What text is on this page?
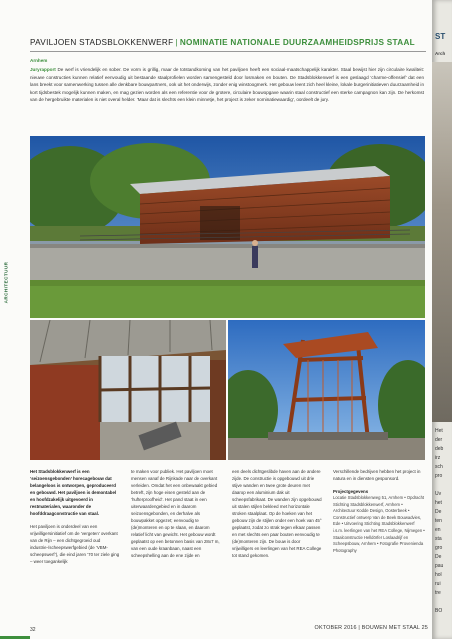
ARCHITECTUUR
PAVILJOEN STADSBLOKKENWERF | NOMINATIE NATIONALE DUURZAAMHEIDSPRIJS STAAL
Arnhem
Juryrapport De werf is vriendelijk en sober. De vorm is grillig, maar de totstandkoming van het paviljoen heeft een sociaal-maatschappelijk karakter. Staal bewijst hier zijn circulaire kwaliteit: nieuwe constructies kunnen relatief eenvoudig uit bestaande staalprofielen worden samengesteld door losmaken en bouten. De Stadsblokkenwerf is een geslaagd ‘charme-offensief’ dat een lans breekt voor samenwerking tussen alle denkbare bouwpartners, ook uit het onderwijs, zonder enig winstoogmerk. Het gebouw leent zich heel kleine, lokale burgerinitiatieven duurzaamheid in kort tijdsbestek mogelijk kunnen maken, en mag gezien worden als een referentie voor de grotere, circulaire bouwopgave waarin staal constructief een sterke campagnon kan zijn. De herkomst van de hergebruikte materialen is niet overal helder. ‘Maar dat is slechts een klein minnetje, het project is zeker nominatiewaardig’, oordeelt de jury.

Het Stadsblokkenwerf is een ‘seizoensgebonden’ horecagebouw dat belangeloos is ontworpen, geproduceerd en gebouwd. Het paviljoen is demontabel en hoofdzakelijk uitgevoerd in restmaterialen, waaronder de hoofddraagconstructie van staal.

Het paviljoen is onderdeel van een vrijwilligersinitiatief om de ‘vergeten’ overkant van de Rijn – een dichtgegroeid oud industrie-/scheepswerfgebied (de ‘VBM-scheepswerf’), die eind jaren ’70 ter ziele ging – weer toegankelijk

te maken voor publiek. Het paviljoen moet mensen vanaf de Rijnkade naar de overkant verleiden. Omdat het een onbewaakt gebied betreft, zijn hoge eisen gesteld aan de ‘hufterproofheid’. Het pand staat in een uiterwaardengebied en in daarom seizoensgebonden, en derhalve als bouwpakket opgezet; eenvoudig te (de)monteren en op te slaan, en daarom relatief licht van gewicht. Het gebouw wordt geplaatst op een betonnen basis van 28x7 m, van een oude kraanbaan, naast een scheepshelling aan de ene zijde en

een deels dichtgeslibde haven aan de andere zijde. De constructie is opgebouwd uit drie stijve wanden en twee grote deuren met daarop een aluminium dak uit scheepsfabrikaat. De wanden zijn opgebouwd uit stalen stijlen bekleed met horizontale stroken staalplaat. Op de hoeken van het gebouw zijn de stijlen onder een hoek van 45° geplaatst, zodat zo strak tegen elkaar passen en met slechts een paar bouten eenvoudig te (de)monteren zijn. De bouw is door vrijwilligers en leerlingen van het REA College tot stand gekomen.

Verschillende bedrijven hebben het project in natura en in diensten gesponsord.

Projectgegevens
Locatie Stadsblokkenweg 51, Arnhem • Opdracht Stichting Stadsblokkenwerf, Arnhem • Architectuur Kodde Design, Oosterbeek • Constructief ontwerp Van de Beek Bouwadvies, Ede • Uitvoering Stichting Stadsblokkenwerf i.s.m. leerlingen van het REA College, Nijmegen • Staalconstructie Helldörfer Loslaadrijf en Scheepsbouw, Arnhem • Fotografie Provenienda Photography
32	OKTOBER 2016 | BOUWEN MET STAAL 25
ST
Arch
Het
der
deb
irz
sch
pro
Uv
het
De
ten
en
sta
gro
De
pau
hol
rui
tre
BO
